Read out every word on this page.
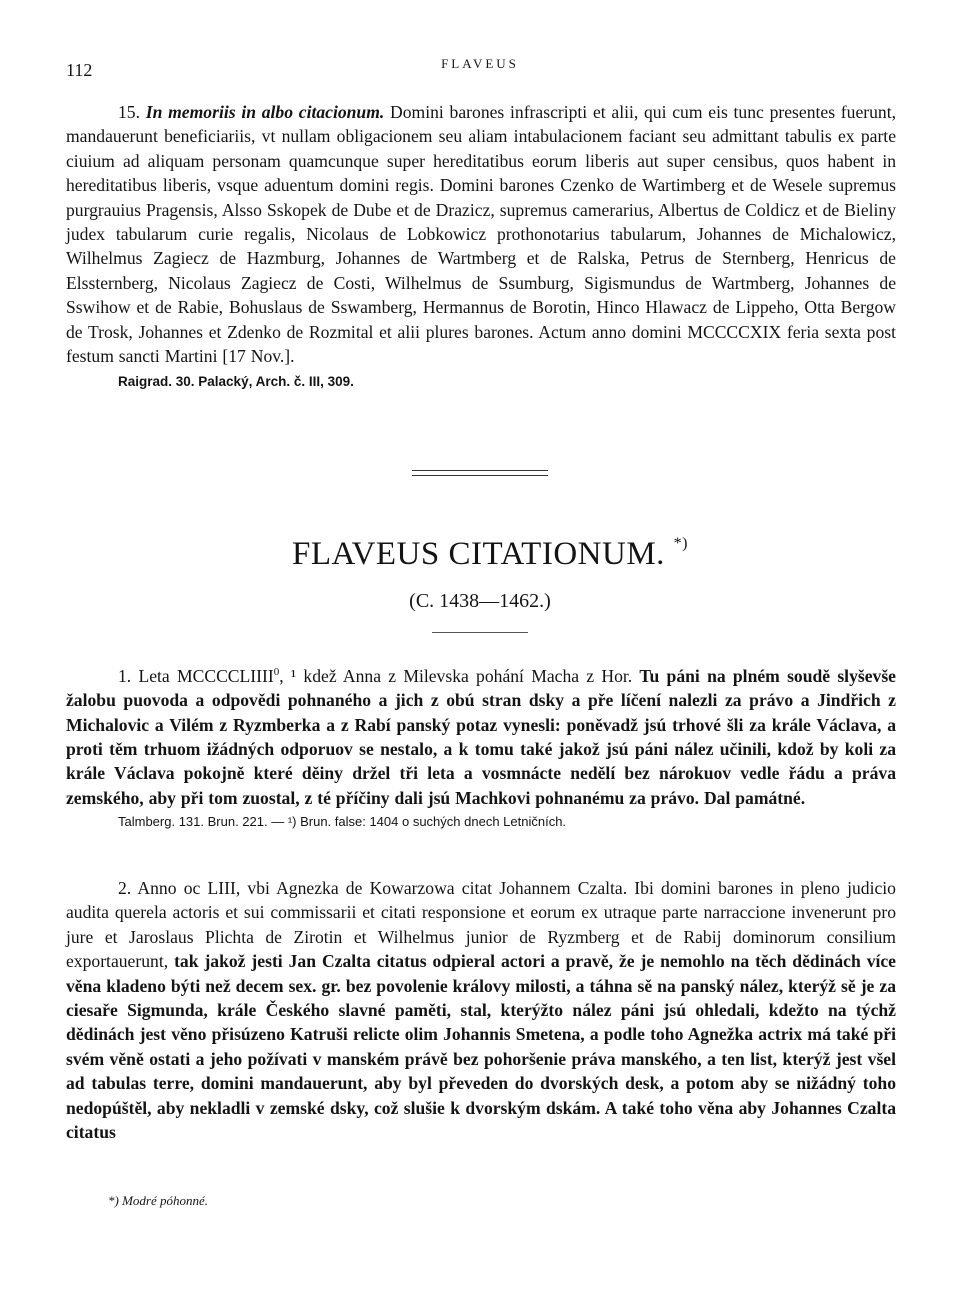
112	FLAVEUS

15. In memoriis in albo citacionum. Domini barones infrascripti et alii, qui cum eis tunc presentes fuerunt, mandauerunt beneficiariis, vt nullam obligacionem seu aliam intabulacionem faciant seu admittant tabulis ex parte ciuium ad aliquam personam quamcunque super hereditatibus eorum liberis aut super censibus, quos habent in hereditatibus liberis, vsque aduentum domini regis. Domini barones Czenko de Wartimberg et de Wesele supremus purgrauius Pragensis, Alsso Sskopek de Dube et de Drazicz, supremus camerarius, Albertus de Coldicz et de Bieliny judex tabularum curie regalis, Nicolaus de Lobkowicz prothonotarius tabularum, Johannes de Michalowicz, Wilhelmus Zagiecz de Hazmburg, Johannes de Wartmberg et de Ralska, Petrus de Sternberg, Henricus de Elssternberg, Nicolaus Zagiecz de Costi, Wilhelmus de Ssumburg, Sigismundus de Wartmberg, Johannes de Sswihow et de Rabie, Bohuslaus de Sswamberg, Hermannus de Borotin, Hinco Hlawacz de Lippeho, Otta Bergow de Trosk, Johannes et Zdenko de Rozmital et alii plures barones. Actum anno domini MCCCCXIX feria sexta post festum sancti Martini [17 Nov.].

Raigrad. 30. Palacký, Arch. č. III, 309.

FLAVEUS CITATIONUM. *)
(C. 1438—1462.)

1. Leta MCCCCLIIII$^0$, ¹ kdež Anna z Milevska pohání Macha z Hor. Tu páni na plném soudě slyševše žalobu puovoda a odpovědi pohnaného a jich z obú stran dsky a pře líčení nalezli za právo a Jindřich z Michalovic a Vilém z Ryzmberka a z Rabí panský potaz vynesli: poněvadž jsú trhové šli za krále Václava, a proti těm trhuom ižádných odporuov se nestalo, a k tomu také jakož jsú páni nález učinili, kdož by koli za krále Václava pokojně které děiny držel tři leta a vosmnácte nedělí bez nárokuov vedle řádu a práva zemského, aby při tom zuostal, z té příčiny dali jsú Machkovi pohnanému za právo. Dal památné.

Talmberg. 131. Brun. 221. — ¹) Brun. false: 1404 o suchých dnech Letničních.

2. Anno oc LIII, vbi Agnezka de Kowarzowa citat Johannem Czalta. Ibi domini barones in pleno judicio audita querela actoris et sui commissarii et citati responsione et eorum ex utraque parte narraccione invenerunt pro jure et Jaroslaus Plichta de Zirotin et Wilhelmus junior de Ryzmberg et de Rabij dominorum consilium exportauerunt, tak jakož jesti Jan Czalta citatus odpieral actori a pravě, že je nemohlo na těch dědinách více věna kladeno býti než decem sex. gr. bez povolenie královy milosti, a táhna sě na panský nález, kterýž sě je za ciesaře Sigmunda, krále Českého slavné paměti, stal, kterýžto nález páni jsú ohledali, kdežto na týchž dědinách jest věno přisúzeno Katruši relicte olim Johannis Smetena, a podle toho Agnežka actrix má také při svém věně ostati a jeho požívati v manském právě bez pohoršenie práva manského, a ten list, kterýž jest všel ad tabulas terre, domini mandauerunt, aby byl převeden do dvorských desk, a potom aby se nižádný toho nedopúštěl, aby nekladli v zemské dsky, což slušie k dvorským dskám. A také toho věna aby Johannes Czalta citatus

*) Modré póhonné.
